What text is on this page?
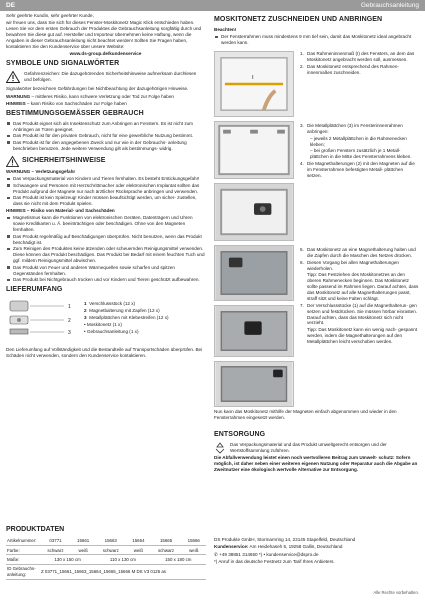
DE	Gebrauchsanleitung

Sehr geehrte Kundin, sehr geehrter Kunde,

wir freuen uns, dass Sie sich für dieses Fenster-Moskitonetz Magic Klick entschieden haben. Lesen Sie vor dem ersten Gebrauch der Produktes die Gebrauchsanleitung sorgfältig durch und bewahren Sie diese gut auf. Hersteller und Importeur übernehmen keine Haftung, wenn die Angaben in dieser Gebrauchsanleitung nicht beachtet werden! Sollten Sie Fragen haben, kontaktieren Sie den Kundenservice über unsere Website:

www.ds-group.de/kundenservice

SYMBOLE UND SIGNALWÖRTER

Gefahrenzeichen: Die dazugehörenden Sicherheitshinweise aufmerksam durchlesen und befolgen.

Signalwörter bezeichnen Gefährdungen bei Nichtbeachtung der dazugehörigen Hinweise.

WARNUNG – mittleres Risiko, kann schwere Verletzung oder Tod zur Folge haben

HINWEIS – kann Risiko von Sachschäden zur Folge haben

BESTIMMUNGSGEMÄSSER GEBRAUCH
Das Produkt eignet sich als Insektenschutz zum Anbringen an Fenstern. Es ist nicht zum Anbringen an Türen geeignet.
Das Produkt ist für den privaten Gebrauch, nicht für eine gewerbliche Nutzung bestimmt.
Das Produkt ist für den angegebenen Zweck und nur wie in der Gebrauchs- anleitung beschrieben benutzen. Jede weitere Verwendung gilt als bestimmungs- widrig.
SICHERHEITSHINWEISE

WARNUNG – Verletzungsgefahr

Das Verpackungsmaterial von Kindern und Tieren fernhalten. Es besteht Erstickungsgefahr!
Schwangere und Personen mit Herzschrittmacher oder elektronischen Implantat sollten das Produkt aufgrund der Magnete nur nach ärztlicher Rücksprache anbringen und verwenden.
Das Produkt ist kein Spielzeug! Kinder müssen beaufsichtigt werden, um sicher- zustellen, dass sie nicht mit dem Produkt spielen.

HINWEIS – Risiko von Material- und Sachschäden

Magnetismus kann die Funktionen von elektronischen Geräten, Datenträgern und Uhren sowie Kreditkarten u. Ä. beeinträchtigen oder beschädigen. Ohne von den Magneten fernhalten.
Das Produkt regelmäßig auf Beschädigungen überprüfen. Nicht benutzen, wenn das Produkt beschädigt ist.
Zum Reinigen des Produktes keine ätzenden oder scheuernden Reinigungsmittel verwenden. Diese können das Produkt beschädigen. Das Produkt bei Bedarf mit einem feuchten Tuch und ggf. mildem Reinigungsmittel abwischen.
Das Produkt von Feuer und anderen Wärmequellen sowie scharfen und spitzen Gegenständen fernhalten.
Das Produkt bei Nichtgebrauch trocken und vor Kindern und Tieren geschützt aufbewahren.
LIEFERUMFANG
1
2
3
1 Verschlussstück (12 x)
2 Magnetbalterung mit Zapfen (12 x)
3 Metallplättchen mit Klebestreifen (12 x)
• Moskitonetz (1 x)
• Gebrauchsanleitung (1 x)

Den Lieferumfang auf Vollständigkeit und die Bestandteile auf Transportschäden überprüfen. Bei Schäden nicht verwenden, sondern den Kundenservice kontaktieren.

PRODUKTDATEN
Artikelnummer:	03771	15661	15663	15664	15665	15666
Farbe:	schwarz	weiß	schwarz	weiß	schwarz	weiß
Maße:	130 x 150 cm		110 x 130 cm		150 x 180 cm	
ID Gebrauchs-
anleitung:	Z 03771_15661_15663_15664_15665_15666 M DS V3 0125 as					
MOSKITONETZ ZUSCHNEIDEN UND ANBRINGEN

Beachten!

Der Fensterrahmen muss mindestens 9 mm tief sein, damit das Moskitonetz ideal angebracht werden kann.
I
1. Das Rahmeninnenmaß (I) des Fensters, an dem das Moskitonetz angebracht werden soll, ausmessen.
2. Das Moskitonetz entsprechend des Rahmen- innenmaßes zuschneiden.
3. Die Metallplättchen (3) im Fensterinnenrahmen anbringen:
– jeweils 2 Metallplättchen in die Rahmenecken kleben;
– bei großen Fenstern zusätzlich je 1 Metall- plättchen in die Mitte des Fensterrahmens kleben.
4. Die Magnethalterungen (2) mit den Magneten auf die im Fensterrahmen befestigten Metall- plättchen setzen.
5. Das Moskitonetz an eine Magnethalterung halten und die Zapfen durch die Maschen des Netzes drücken.
6. Diesen Vorgang bei allen Magnethalterungen wiederholen.
Tipp: Das Festziehen des Moskitonetzes an den oberen Rahmenecken beginnen. Das Moskitonetz sollte passend im Rahmen liegen. Darauf achten, dass das Moskitonetz auf alle Magnethalterungen passt, straff sitzt und keine Falten schlägt.
7. Der Verschlussstücke (1) auf die Magnethalterun- gen setzen und festdrücken. Sie müssen hörbar einrasten. Darauf achten, dass das Moskitonetz sich nicht verzieht.
Tipp: Das Moskitonetz kann ein wenig nach- gespannt werden, indem die Magnethalterungen auf den Metallplättchen leicht verschoben werden.

Nun kann das Moskitonetz mithilfe der Magneten einfach abgenommen und wieder in den Fensterrahmen eingesetzt werden.

ENTSORGUNG

Das Verpackungsmaterial und das Produkt umweltgerecht entsorgen und der Wertstoffsammlung zuführen.

Die Abfallverwendung leistet einen noch wertvolleren Beitrag zum Umwelt- schutz: Sofern möglich, ist daher neben einer weiteren eigenen Nutzung oder Reparatur auch die Abgabe an Zweitnutzer eine ökologisch wertvolle Alternative zur Entsorgung.

DS Produkte GmbH, Stormarnring 14, 22145 Stapelfeld, Deutschland

Kundenservice: Am Heidehaseh 5, 19258 Gallin, Deutschland

✆ +49 38851 314650 *) • kundenservice@dspro.de

*) Anruf in das deutsche Festnetz zum Tarif Ihres Anbieters.

Alle Rechte vorbehalten.
